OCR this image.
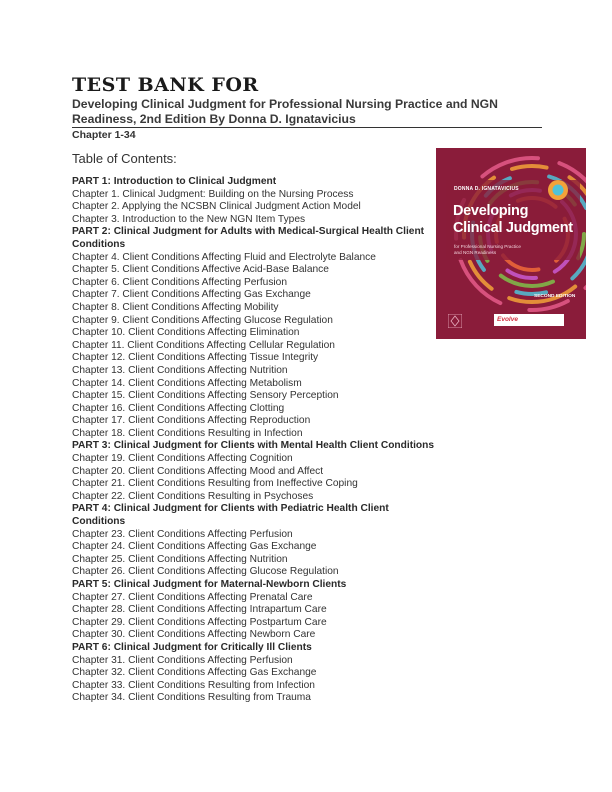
TEST BANK FOR

Developing Clinical Judgment for Professional Nursing Practice and NGN Readiness, 2nd Edition By Donna D. Ignatavicius

Chapter 1-34
Table of Contents:
PART 1: Introduction to Clinical Judgment
Chapter 1. Clinical Judgment: Building on the Nursing Process
Chapter 2. Applying the NCSBN Clinical Judgment Action Model
Chapter 3. Introduction to the New NGN Item Types
PART 2: Clinical Judgment for Adults with Medical-Surgical Health Client Conditions
Chapter 4. Client Conditions Affecting Fluid and Electrolyte Balance
Chapter 5. Client Conditions Affective Acid-Base Balance
Chapter 6. Client Conditions Affecting Perfusion
Chapter 7. Client Conditions Affecting Gas Exchange
Chapter 8. Client Conditions Affecting Mobility
Chapter 9. Client Conditions Affecting Glucose Regulation
Chapter 10. Client Conditions Affecting Elimination
Chapter 11. Client Conditions Affecting Cellular Regulation
Chapter 12. Client Conditions Affecting Tissue Integrity
Chapter 13. Client Conditions Affecting Nutrition
Chapter 14. Client Conditions Affecting Metabolism
Chapter 15. Client Conditions Affecting Sensory Perception
Chapter 16. Client Conditions Affecting Clotting
Chapter 17. Client Conditions Affecting Reproduction
Chapter 18. Client Conditions Resulting in Infection
PART 3: Clinical Judgment for Clients with Mental Health Client Conditions
Chapter 19. Client Conditions Affecting Cognition
Chapter 20. Client Conditions Affecting Mood and Affect
Chapter 21. Client Conditions Resulting from Ineffective Coping
Chapter 22. Client Conditions Resulting in Psychoses
PART 4: Clinical Judgment for Clients with Pediatric Health Client Conditions
Chapter 23. Client Conditions Affecting Perfusion
Chapter 24. Client Conditions Affecting Gas Exchange
Chapter 25. Client Conditions Affecting Nutrition
Chapter 26. Client Conditions Affecting Glucose Regulation
PART 5: Clinical Judgment for Maternal-Newborn Clients
Chapter 27. Client Conditions Affecting Prenatal Care
Chapter 28. Client Conditions Affecting Intrapartum Care
Chapter 29. Client Conditions Affecting Postpartum Care
Chapter 30. Client Conditions Affecting Newborn Care
PART 6: Clinical Judgment for Critically Ill Clients
Chapter 31. Client Conditions Affecting Perfusion
Chapter 32. Client Conditions Affecting Gas Exchange
Chapter 33. Client Conditions Resulting from Infection
Chapter 34. Client Conditions Resulting from Trauma
DONNA D. IGNATAVICIUS
Developing
Clinical Judgment
for Professional Nursing Practice
and NGN Readiness
SECOND EDITION
Evolve
